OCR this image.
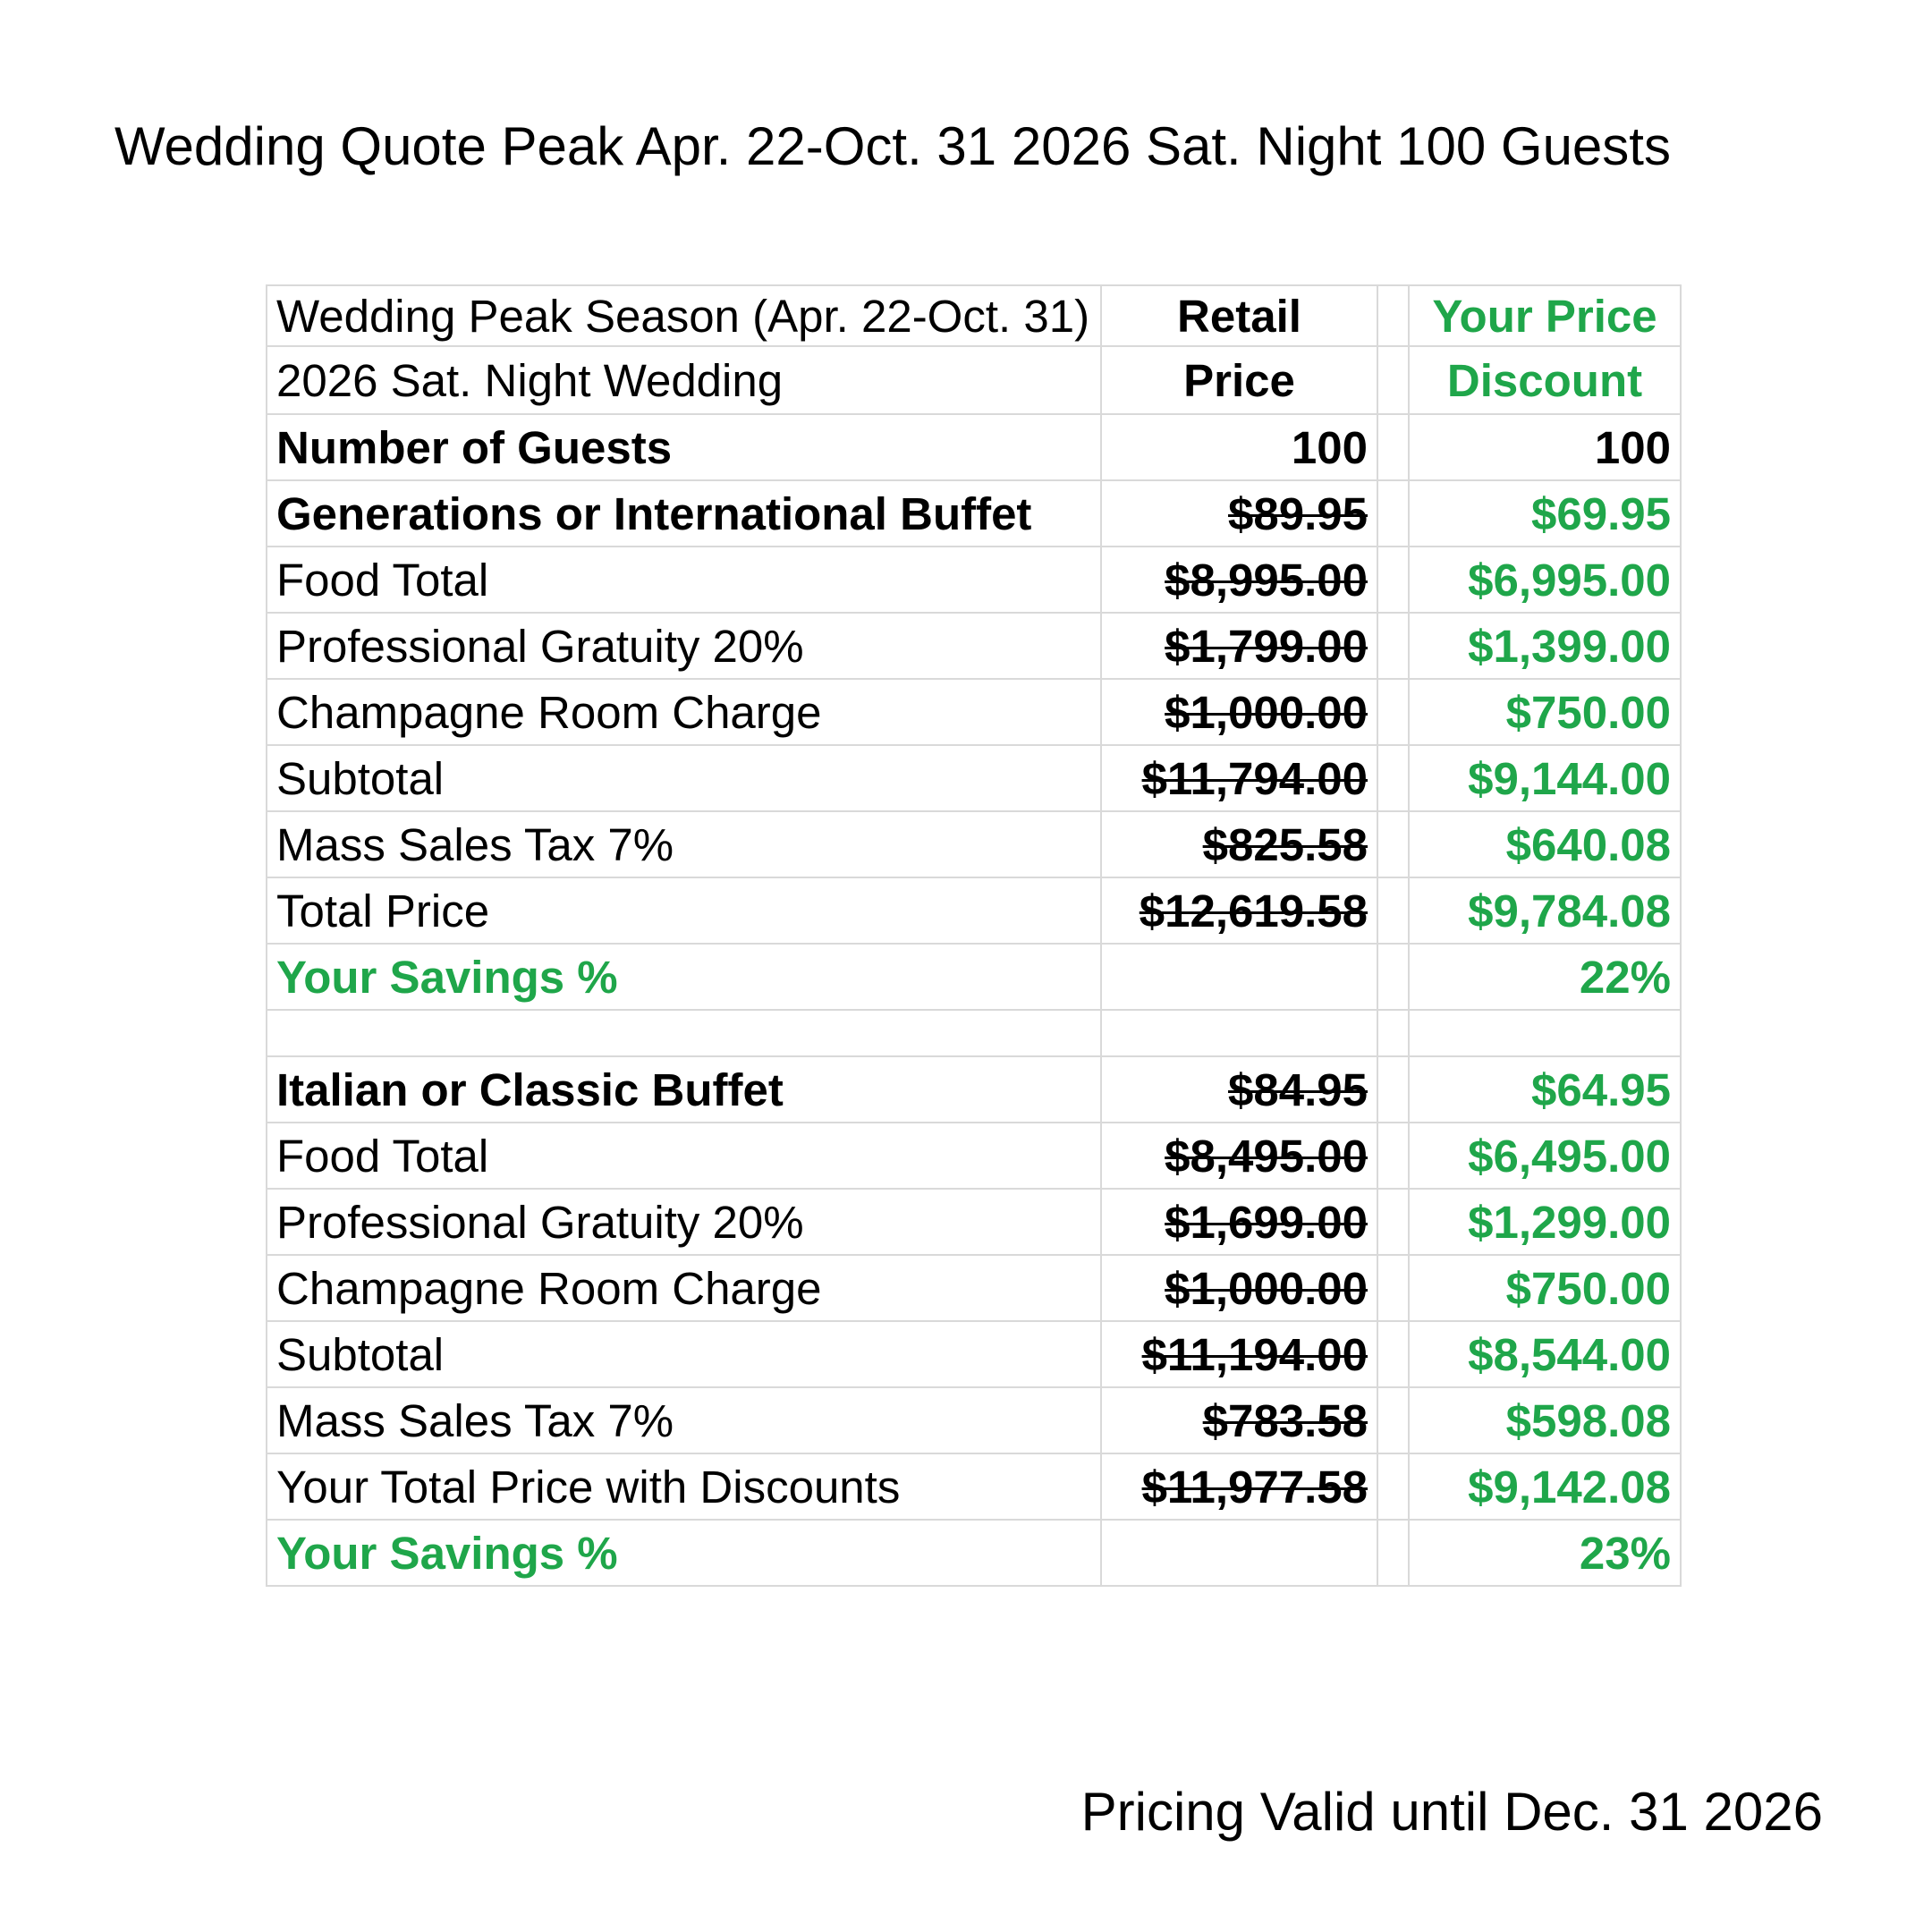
Wedding Quote Peak Apr. 22-Oct. 31 2026 Sat. Night 100 Guests
Wedding Peak Season (Apr. 22-Oct. 31)	Retail		Your Price
2026 Sat. Night Wedding	Price		Discount
Number of Guests	100		100
Generations or International Buffet	$89.95		$69.95
Food Total	$8,995.00		$6,995.00
Professional Gratuity 20%	$1,799.00		$1,399.00
Champagne Room Charge	$1,000.00		$750.00
Subtotal	$11,794.00		$9,144.00
Mass Sales Tax 7%	$825.58		$640.08
Total Price	$12,619.58		$9,784.08
Your Savings %			22%

Italian or Classic Buffet	$84.95		$64.95
Food Total	$8,495.00		$6,495.00
Professional Gratuity 20%	$1,699.00		$1,299.00
Champagne Room Charge	$1,000.00		$750.00
Subtotal	$11,194.00		$8,544.00
Mass Sales Tax 7%	$783.58		$598.08
Your Total Price with Discounts	$11,977.58		$9,142.08
Your Savings %			23%
Pricing Valid until Dec. 31 2026
